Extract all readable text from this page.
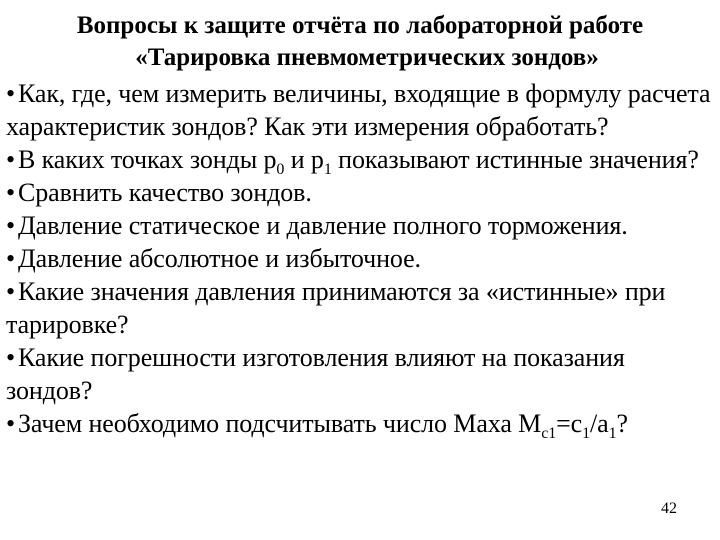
Вопросы к защите отчёта по лабораторной работе
«Тарировка пневмометрических зондов»
• Как, где, чем измерить величины, входящие в формулу расчета характеристик зондов? Как эти измерения обработать?
• В каких точках зонды $р_0$ и $р_1$ показывают истинные значения?
• Сравнить качество зондов.
• Давление статическое и давление полного торможения.
• Давление абсолютное и избыточное.
• Какие значения давления принимаются за «истинные» при тарировке?
• Какие погрешности изготовления влияют на показания зондов?
• Зачем необходимо подсчитывать число Маха $М_{c1}=c_1/a_1$?
42
